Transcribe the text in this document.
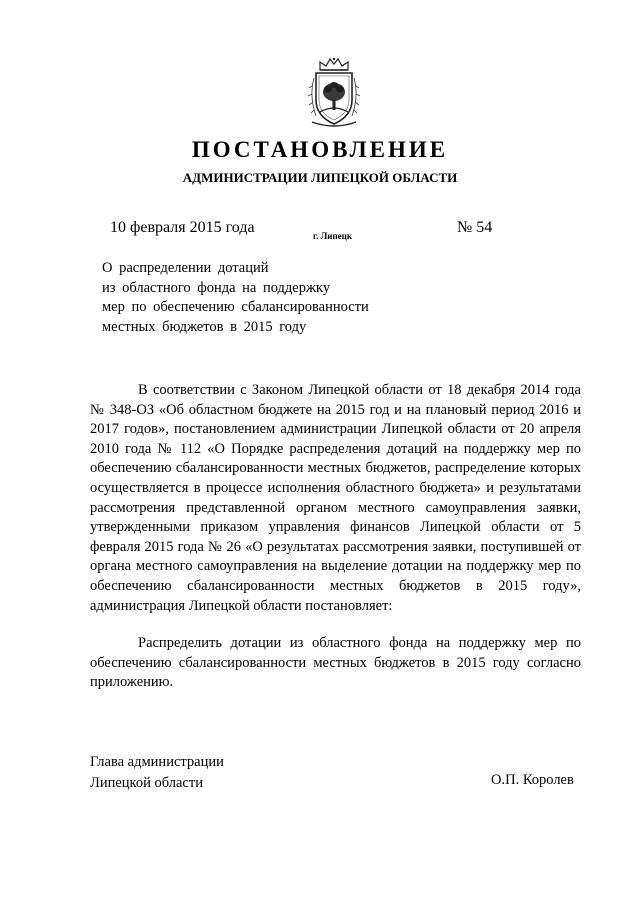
ПОСТАНОВЛЕНИЕ
АДМИНИСТРАЦИИ ЛИПЕЦКОЙ ОБЛАСТИ
10 февраля 2015 года	г. Липецк	№ 54
О распределении дотаций
из областного фонда на поддержку
мер по обеспечению сбалансированности
местных бюджетов в 2015 году
В соответствии с Законом Липецкой области от 18 декабря 2014 года № 348-ОЗ «Об областном бюджете на 2015 год и на плановый период 2016 и 2017 годов», постановлением администрации Липецкой области от 20 апреля 2010 года № 112 «О Порядке распределения дотаций на поддержку мер по обеспечению сбалансированности местных бюджетов, распределение которых осуществляется в процессе исполнения областного бюджета» и результатами рассмотрения представленной органом местного самоуправления заявки, утвержденными приказом управления финансов Липецкой области от 5 февраля 2015 года № 26 «О результатах рассмотрения заявки, поступившей от органа местного самоуправления на выделение дотации на поддержку мер по обеспечению сбалансированности местных бюджетов в 2015 году», администрация Липецкой области постановляет:
Распределить дотации из областного фонда на поддержку мер по обеспечению сбалансированности местных бюджетов в 2015 году согласно приложению.
Глава администрации
Липецкой области	О.П. Королев
